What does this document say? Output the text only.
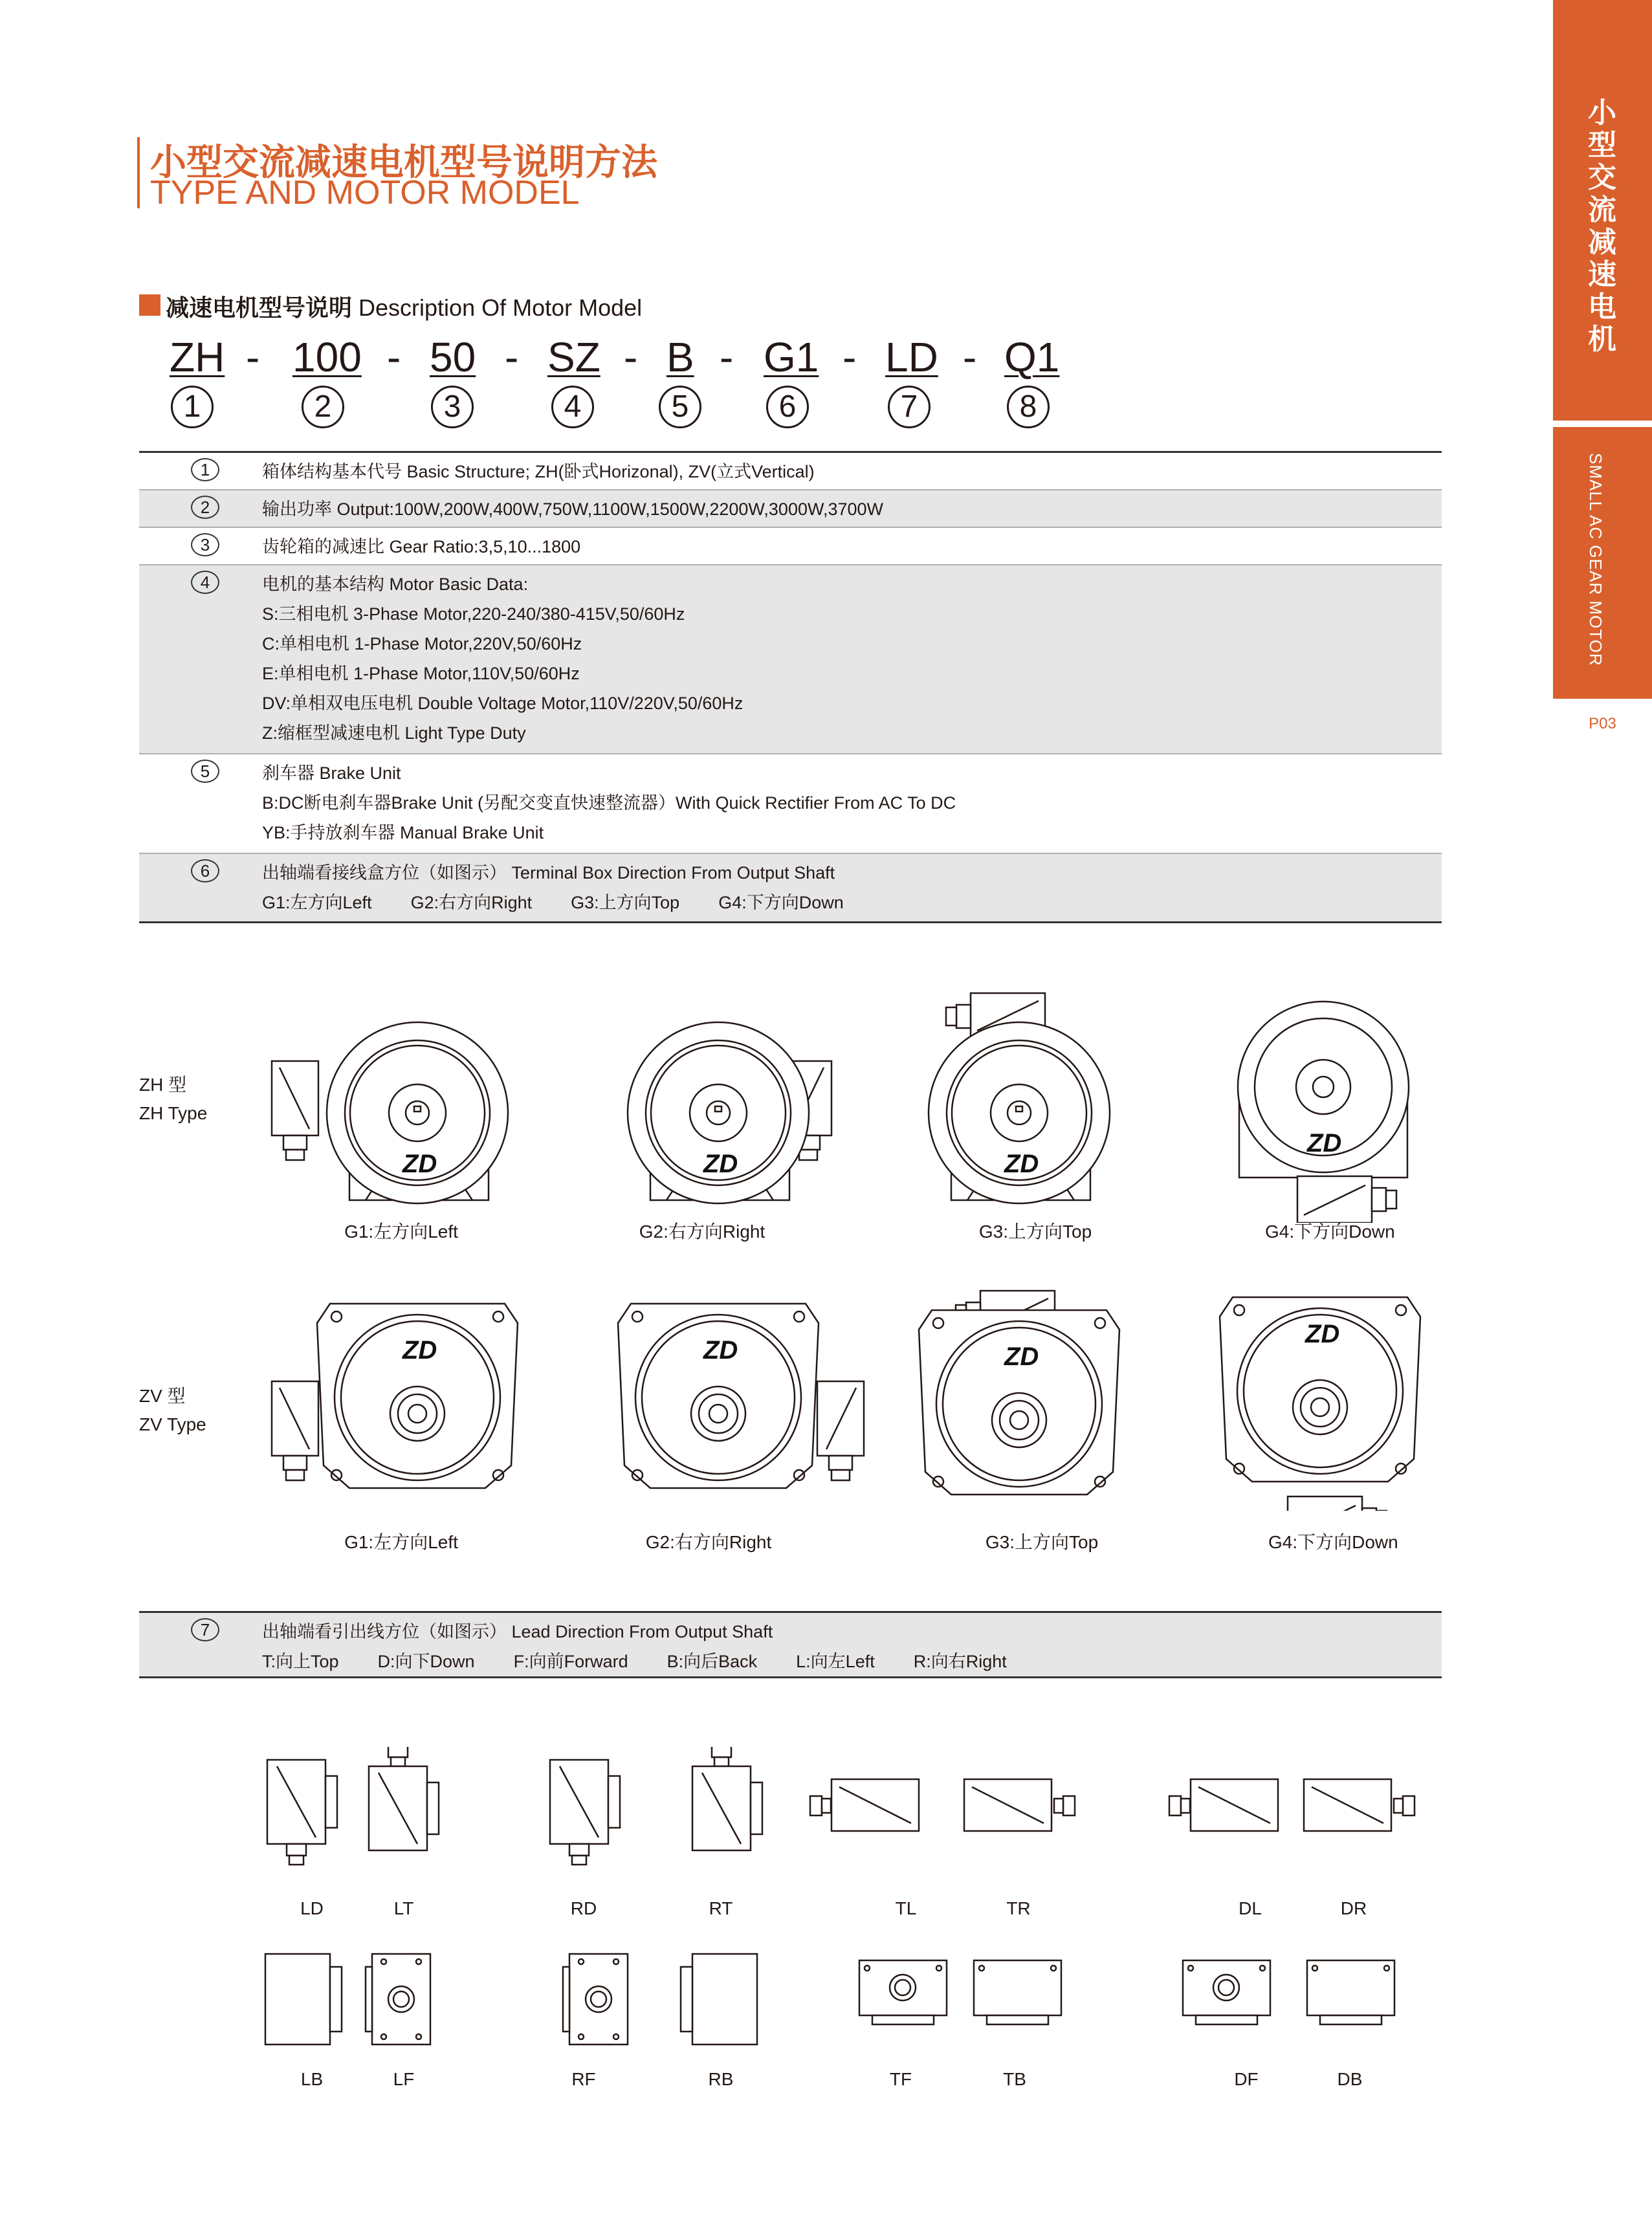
小型交流减速电机
SMALL AC GEAR MOTOR
P03
小型交流减速电机型号说明方法
TYPE AND MOTOR MODEL
减速电机型号说明 Description Of Motor Model
ZH - 100 - 50 - SZ - B - G1 - LD - Q1
1	2	3	4	5	6	7	8
1	箱体结构基本代号 Basic Structure; ZH(卧式Horizonal), ZV(立式Vertical)
2	输出功率 Output:100W,200W,400W,750W,1100W,1500W,2200W,3000W,3700W
3	齿轮箱的减速比 Gear Ratio:3,5,10...1800
4	电机的基本结构 Motor Basic Data:
S:三相电机 3-Phase Motor,220-240/380-415V,50/60Hz
C:单相电机 1-Phase Motor,220V,50/60Hz
E:单相电机 1-Phase Motor,110V,50/60Hz
DV:单相双电压电机 Double Voltage Motor,110V/220V,50/60Hz
Z:缩框型减速电机 Light Type Duty
5	刹车器 Brake Unit
B:DC断电刹车器Brake Unit (另配交变直快速整流器）With Quick Rectifier From AC To DC
YB:手持放刹车器 Manual Brake Unit
6	出轴端看接线盒方位（如图示） Terminal Box Direction From Output Shaft
G1:左方向Left G2:右方向Right G3:上方向Top G4:下方向Down
ZH 型
ZH Type
ZV 型
ZV Type
ZD	ZD	ZD
ZD
G1:左方向Left	G2:右方向Right	G3:上方向Top	G4:下方向Down
ZD	ZD	ZD
ZD
G1:左方向Left	G2:右方向Right	G3:上方向Top	G4:下方向Down
7	出轴端看引出线方位（如图示） Lead Direction From Output Shaft
T:向上Top D:向下Down F:向前Forward B:向后Back L:向左Left R:向右Right
LD	LT	RD	RT	TL	TR	DL	DR
LB	LF	RF	RB	TF	TB	DF	DB
